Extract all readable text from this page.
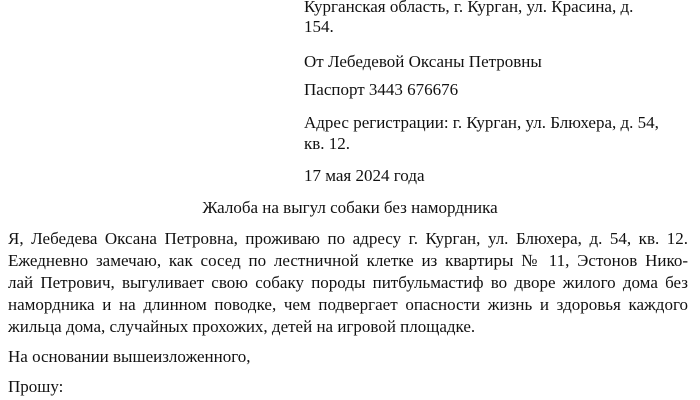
Курганская область, г. Курган, ул. Красина, д.
154.
От Лебедевой Оксаны Петровны
Паспорт 3443 676676
Адрес регистрации: г. Курган, ул. Блюхера, д. 54,
кв. 12.
17 мая 2024 года
Жалоба на выгул собаки без намордника
Я, Лебедева Оксана Петровна, проживаю по адресу г. Курган, ул. Блюхера, д. 54, кв. 12.
Ежедневно замечаю, как сосед по лестничной клетке из квартиры № 11, Эстонов Нико-
лай Петрович, выгуливает свою собаку породы питбульмастиф во дворе жилого дома без
намордника и на длинном поводке, чем подвергает опасности жизнь и здоровья каждого
жильца дома, случайных прохожих, детей на игровой площадке.
На основании вышеизложенного,
Прошу:
